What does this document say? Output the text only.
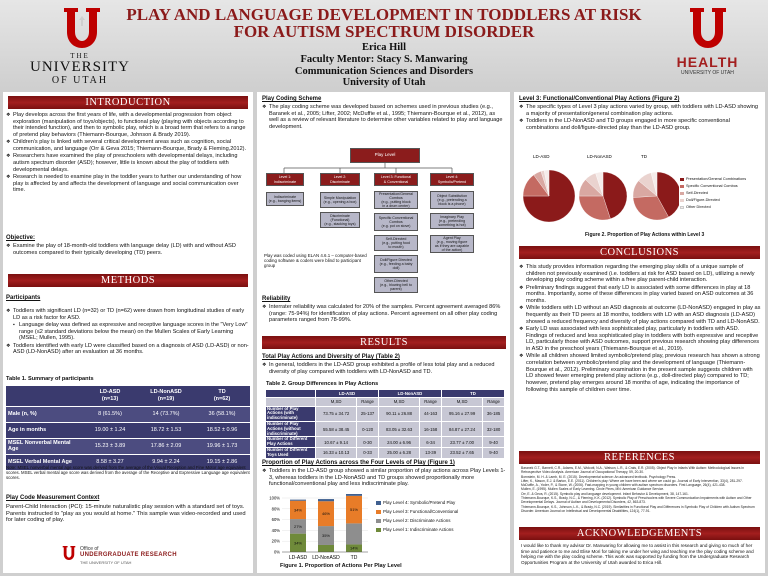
THE
UNIVERSITY
OF UTAH
PLAY AND LANGUAGE DEVELOPMENT IN TODDLERS AT RISK
FOR AUTISM SPECTRUM DISORDER
Erica Hill
Faculty Mentor: Stacy S. Manwaring
Communication Sciences and Disorders
University of Utah
HEALTH
UNIVERSITY OF UTAH
INTRODUCTION
❖ Play develops across the first years of life, with a developmental progression from object exploration (manipulation of toys/objects), to functional play (playing with objects according to their intended function), and then to symbolic play, which is a broad term that refers to a range of pretend play behaviors (Thiemann-Bourque, Johnson & Brady 2019).
❖ Children's play is linked with several critical development areas such as cognition, social communication, and language (Orr & Geva 2015; Thiemann-Bourque, Brady & Fleming,2012).
❖ Researchers have examined the play of preschoolers with developmental delays, including autism spectrum disorder (ASD); however, little is known about the play of toddlers with developmental delays.
❖ Research is needed to examine play in the toddler years to further our understanding of how play is affected by and affects the development of language and social communication over time.
Objective:
❖ Examine the play of 18-month-old toddlers with language delay (LD) with and without ASD outcomes compared to their typically developing (TD) peers.
METHODS
Participants
❖ Toddlers with significant LD (n=32) or TD (n=62) were drawn from longitudinal studies of early LD as a risk factor for ASD.
▪ Language delay was defined as expressive and receptive language scores in the "Very Low" range (≤2 standard deviations below the mean) on the Mullen Scales of Early Learning (MSEL; Mullen, 1995).
❖ Toddlers identified with early LD were classified based on a diagnosis of ASD (LD-ASD) or non-ASD (LD-NonASD) after an evaluation at 36 months.
Table 1. Summary of participants
	LD-ASD
(n=13)	LD-NonASD
(n=19)	TD
(n=62)
Male (n, %)	8 (61.5%)	14 (73.7%)	36 (58.1%)
Age in months	19.00 ± 1.24	18.72 ± 1.53	18.52 ± 0.96
MSEL Nonverbal Mental Age	15.23 ± 3.89	17.86 ± 2.09	19.96 ± 1.73
MSEL Verbal Mental Age	8.58 ± 3.27	9.94 ± 2.24	19.15 ± 2.86
Note: MSEL nonverbal mental age score was derived from the average of the Visual Reception and Fine Motor age equivalent scores. MSEL verbal mental age score was derived from the average of the Receptive and Expressive Language age equivalent scores.
Play Code Measurement Context
Parent-Child Interaction (PCI): 15-minute naturalistic play session with a standard set of toys. Parents instructed to "play as you would at home." This sample was video-recorded and used for later coding of play.
Office of
UNDERGRADUATE RESEARCH
THE UNIVERSITY OF UTAH
Play Coding Scheme
❖ The play coding scheme was developed based on schemes used in previous studies (e.g., Baranek et al., 2005; Lifter, 2002; McDuffie et al., 1995; Thiemann-Bourque et al., 2012), as well as a review of relevant literature to determine other variables related to play and language development.
Play Level
Level 1:
Indiscriminate
Level 2:
Discriminate
Level 3: Functional
& Conventional
Level 4:
Symbolic/Pretend
Indiscriminate
(e.g., banging items)
Simple Manipulation
(e.g., opening a box)
Discriminate
(Functional)
(e.g., stacking toys)
Presentation/General
Combos
(e.g., putting block
in a drum center)
Specific Conventional
Combos
(e.g. pot on stove)
Self-Directed
(e.g., putting food
to mouth)
Doll/Figure Directed
(e.g., feeding a baby
doll)
Other-Directed
(e.g., blowing bell to
parent)
Object Substitution
(e.g., pretending a
block is a phone)
Imaginary Play
(e.g., pretending
something is hot)
Agent Play
(e.g., moving figure
as if they are capable
of the action)
Play was coded using ELAN 4.6.1 – computer-based coding software & coders were blind to participant group
Reliability
❖ Interrater reliability was calculated for 20% of the samples. Percent agreement averaged 86% (range: 75-94%) for identification of play actions. Percent agreement on all other play coding parameters ranged from 78-99%.
RESULTS
Total Play Actions and Diversity of Play (Table 2)
❖ In general, toddlers in the LD-ASD group exhibited a profile of less total play and a reduced diversity of play compared with toddlers with LD-NonASD and TD.
Table 2. Group Differences in Play Actions
	LD-ASD		LD-NonASD		TD	
	M,SD	Range	M,SD	Range	M,SD	Range
Number of Play Actions (with indiscriminate)	73.75 ± 34.72	25-137	90.11 ± 26.88	44-163	95.16 ± 27.99	36-185
Number of Play Actions (without indiscriminate)	55.58 ± 38.45	0-120	83.05 ± 32.63	16-158	84.87 ± 27.24	32-180
Number of Different Play Actions	10.67 ± 9.14	0-30	24.00 ± 6.96	6-34	23.77 ± 7.00	9-40
Number of Different Toys Used	16.33 ± 10.13	0-33	25.00 ± 6.28	13-39	23.52 ± 7.65	9-40
Proportion of Play Actions across the Four Levels of Play (Figure 1)
❖ Toddlers in the LD-ASD group showed a similar proportion of play actions across Play Levels 1-3, whereas toddlers in the LD-NonASD and TD groups showed proportionally more functional/conventional play and less indiscriminate play.
0%
20%
40%
60%
80%
100%
34%
27%
34%
LD-ASD
35%
46%
LD-NonASD
14%
51%
TD
Play Level 4: Symbolic/Pretend Play
Play Level 3: Functional/Conventional
Play Level 2: Discriminate Actions
Play Level 1: Indiscriminate Actions
Figure 1. Proportion of Actions Per Play Level
Level 3: Functional/Conventional Play Actions (Figure 2)
❖ The specific types of Level 3 play actions varied by group, with toddlers with LD-ASD showing a majority of presentation/general combination play actions.
❖ Toddlers in the LD-NonASD and TD groups engaged in more specific conventional combinations and doll/figure-directed play than the LD-ASD group.
LD-ASD	LD-NonASD	TD
Presentation/General Combinations
Specific Conventional Combos
Self-Directed
Doll/Figure-Directed
Other Directed
Figure 2. Proportion of Play Actions within Level 3
CONCLUSIONS
❖ This study provides information regarding the emerging play skills of a unique sample of children not previously examined (i.e. toddlers at risk for ASD based on LD), utilizing a newly developing play coding scheme within a free play parent-child interaction.
❖ Preliminary findings suggest that early LD is associated with some differences in play at 18 months. Importantly, some of these differences in play varied based on ASD outcomes at 36 months.
❖ While toddlers with LD without an ASD diagnosis at outcome (LD-NonASD) engaged in play as frequently as their TD peers at 18 months, toddlers with LD with an ASD diagnosis (LD-ASD) showed a reduced frequency and diversity of play actions compared with TD and LD-NonASD.
❖ Early LD was associated with less sophisticated play, particularly in toddlers with ASD. Findings of reduced and less sophisticated play in toddlers with both expressive and receptive LD, particularly those with ASD outcomes, support previous research showing play differences in ASD in the preschool years (Thiemann-Bourque et al., 2019).
❖ While all children showed limited symbolic/pretend play, previous research has shown a strong correlation between symbolic/pretend play and the development of language (Thiemann-Bourque et al., 2012). Preliminary examination in the present sample suggests children with LD showed fewer emerging pretend play actions (e.g., doll-directed play) compared to TD; however, pretend play emerges around 18 months of age, indicating the importance of following this sample of children over time.
REFERENCES
Baranek G.T., Barnett, C.R., Adams, E.M., Wolcott, N.A., Watson, L.R., & Crais, E.R. (2005). Object Play in Infants With Autism: Methodological Issues in Retrospective Video Analysis. American Journal of Occupational Therapy, 59, 20-30.
Bornstein, M. H. & Lamb, M. E. (2015). Developmental science: An advanced textbook. Psychology Press.
Lifter, K., Mason, E.J. & Barton, E.E. (2011). Children's play: Where we have been and where we could go. Journal of Early Intervention, 33(4), 281-297.
McDuffie, A., Yoder, P., & Stone, W. (2006). Fast-mapping in young children with autism spectrum disorders. First Language, 26(4), 421-438.
Mullen, E. (1995). Mullen Scales of Early Learning. Circle Pines, MN: American Guidance Service.
Orr, E. & Geva, R. (2015). Symbolic play and language development. Infant Behavior & Development, 38, 147-161.
Thiemann-Bourque, K.S., Brady, N.C., & Fleming, K.K. (2012). Symbolic Play of Preschoolers with Severe Communication Impairments with Autism and Other Developmental Delays. Journal of Autism and Developmental Disorders, 42, 863-873.
Thiemann-Bourque, K.S., Johnson, L.K., & Brady, N.C. (2019). Similarities in Functional Play and Differences in Symbolic Play of Children with Autism Spectrum Disorder. American Journal on Intellectual and Developmental Disabilities, 124(1), 77-91.
ACKNOWLEDGEMENTS
I would like to thank my advisor Dr. Manwaring for allowing me to assist in this research and giving so much of her time and patience to me and Elise Mori for taking me under her wing and teaching me the play coding scheme and helping me with the play coding scheme. This work was supported by funding from the Undergraduate Research Opportunities Program at the University of Utah awarded to Erica Hill.
